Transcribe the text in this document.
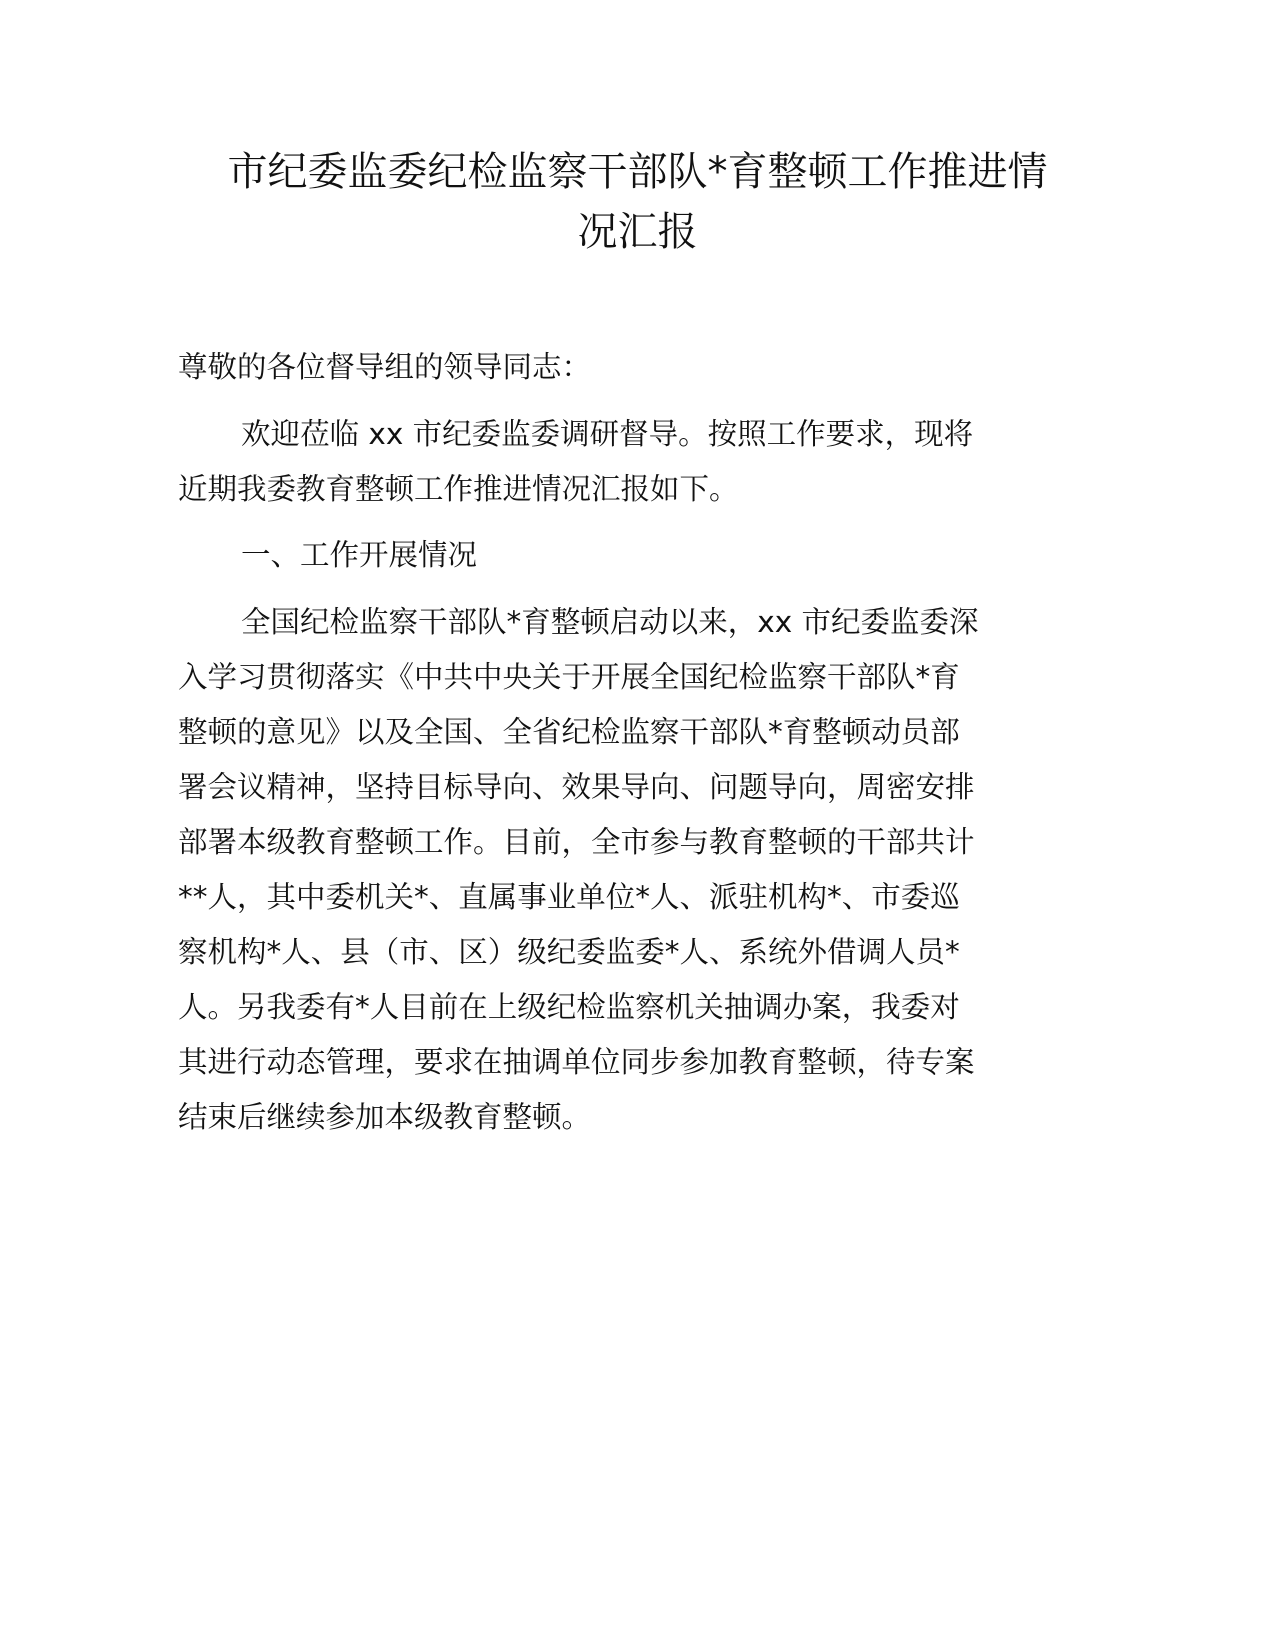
市纪委监委纪检监察干部队*育整顿工作推进情
况汇报

尊敬的各位督导组的领导同志：

欢迎莅临 xx 市纪委监委调研督导。按照工作要求，现将
近期我委教育整顿工作推进情况汇报如下。

一、工作开展情况

全国纪检监察干部队*育整顿启动以来，xx 市纪委监委深
入学习贯彻落实《中共中央关于开展全国纪检监察干部队*育
整顿的意见》以及全国、全省纪检监察干部队*育整顿动员部
署会议精神，坚持目标导向、效果导向、问题导向，周密安排
部署本级教育整顿工作。目前，全市参与教育整顿的干部共计
**人，其中委机关*、直属事业单位*人、派驻机构*、市委巡
察机构*人、县（市、区）级纪委监委*人、系统外借调人员*
人。另我委有*人目前在上级纪检监察机关抽调办案，我委对
其进行动态管理，要求在抽调单位同步参加教育整顿，待专案
结束后继续参加本级教育整顿。
